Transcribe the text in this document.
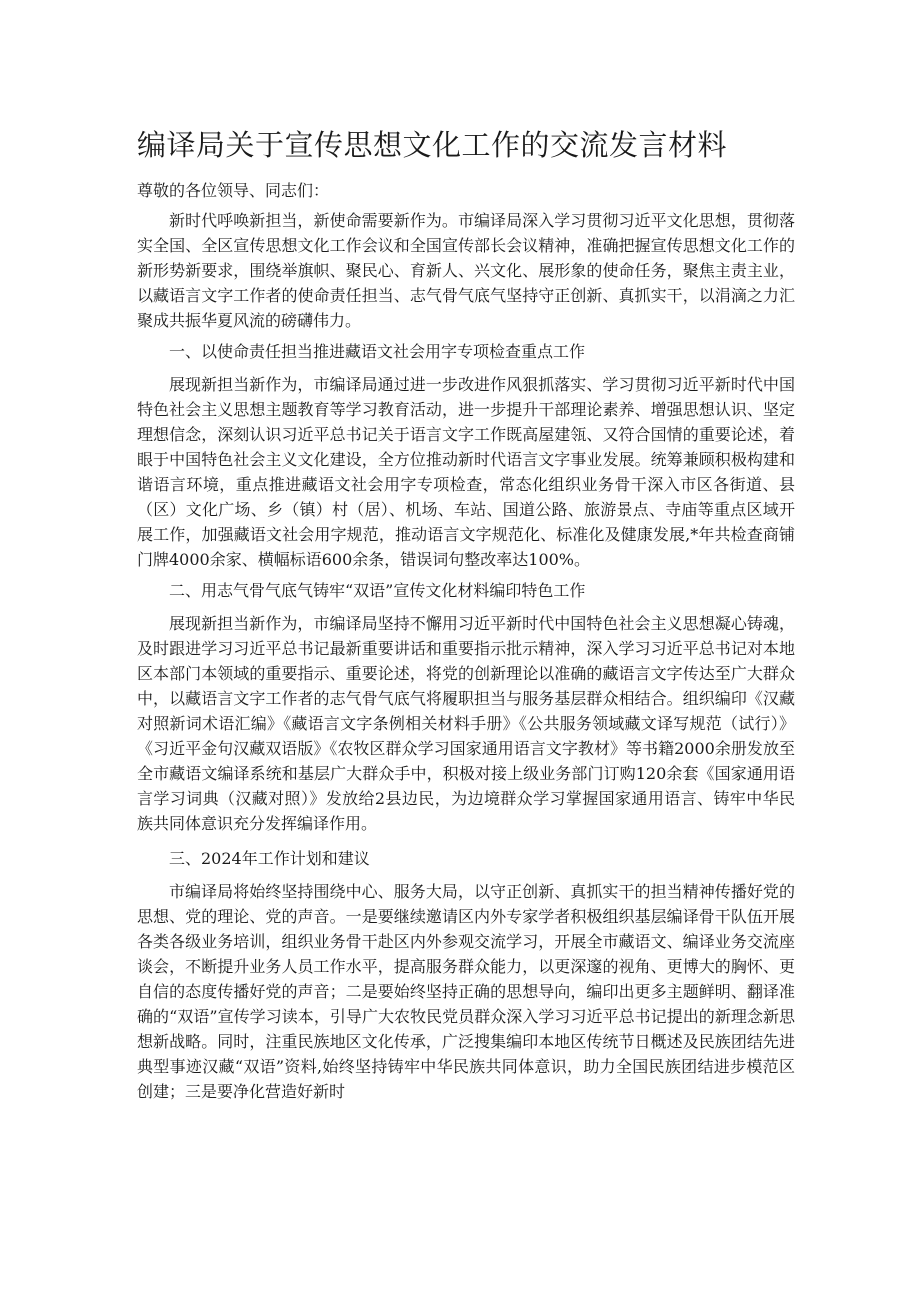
编译局关于宣传思想文化工作的交流发言材料

尊敬的各位领导、同志们：

新时代呼唤新担当，新使命需要新作为。市编译局深入学习贯彻习近平文化思想，贯彻落实全国、全区宣传思想文化工作会议和全国宣传部长会议精神，准确把握宣传思想文化工作的新形势新要求，围绕举旗帜、聚民心、育新人、兴文化、展形象的使命任务，聚焦主责主业，以藏语言文字工作者的使命责任担当、志气骨气底气坚持守正创新、真抓实干，以涓滴之力汇聚成共振华夏风流的磅礴伟力。

一、以使命责任担当推进藏语文社会用字专项检查重点工作

展现新担当新作为，市编译局通过进一步改进作风狠抓落实、学习贯彻习近平新时代中国特色社会主义思想主题教育等学习教育活动，进一步提升干部理论素养、增强思想认识、坚定理想信念，深刻认识习近平总书记关于语言文字工作既高屋建瓴、又符合国情的重要论述，着眼于中国特色社会主义文化建设，全方位推动新时代语言文字事业发展。统筹兼顾积极构建和谐语言环境，重点推进藏语文社会用字专项检查，常态化组织业务骨干深入市区各街道、县（区）文化广场、乡（镇）村（居）、机场、车站、国道公路、旅游景点、寺庙等重点区域开展工作，加强藏语文社会用字规范，推动语言文字规范化、标准化及健康发展,*年共检查商铺门牌4000余家、横幅标语600余条，错误词句整改率达100%。

二、用志气骨气底气铸牢“双语”宣传文化材料编印特色工作

展现新担当新作为，市编译局坚持不懈用习近平新时代中国特色社会主义思想凝心铸魂，及时跟进学习习近平总书记最新重要讲话和重要指示批示精神，深入学习习近平总书记对本地区本部门本领域的重要指示、重要论述，将党的创新理论以准确的藏语言文字传达至广大群众中，以藏语言文字工作者的志气骨气底气将履职担当与服务基层群众相结合。组织编印《汉藏对照新词术语汇编》《藏语言文字条例相关材料手册》《公共服务领域藏文译写规范（试行）》《习近平金句汉藏双语版》《农牧区群众学习国家通用语言文字教材》等书籍2000余册发放至全市藏语文编译系统和基层广大群众手中，积极对接上级业务部门订购120余套《国家通用语言学习词典（汉藏对照）》发放给2县边民，为边境群众学习掌握国家通用语言、铸牢中华民族共同体意识充分发挥编译作用。

三、2024年工作计划和建议

市编译局将始终坚持围绕中心、服务大局，以守正创新、真抓实干的担当精神传播好党的思想、党的理论、党的声音。一是要继续邀请区内外专家学者积极组织基层编译骨干队伍开展各类各级业务培训，组织业务骨干赴区内外参观交流学习，开展全市藏语文、编译业务交流座谈会，不断提升业务人员工作水平，提高服务群众能力，以更深邃的视角、更博大的胸怀、更自信的态度传播好党的声音；二是要始终坚持正确的思想导向，编印出更多主题鲜明、翻译准确的“双语”宣传学习读本，引导广大农牧民党员群众深入学习习近平总书记提出的新理念新思想新战略。同时，注重民族地区文化传承，广泛搜集编印本地区传统节日概述及民族团结先进典型事迹汉藏“双语”资料,始终坚持铸牢中华民族共同体意识，助力全国民族团结进步模范区创建；三是要净化营造好新时
